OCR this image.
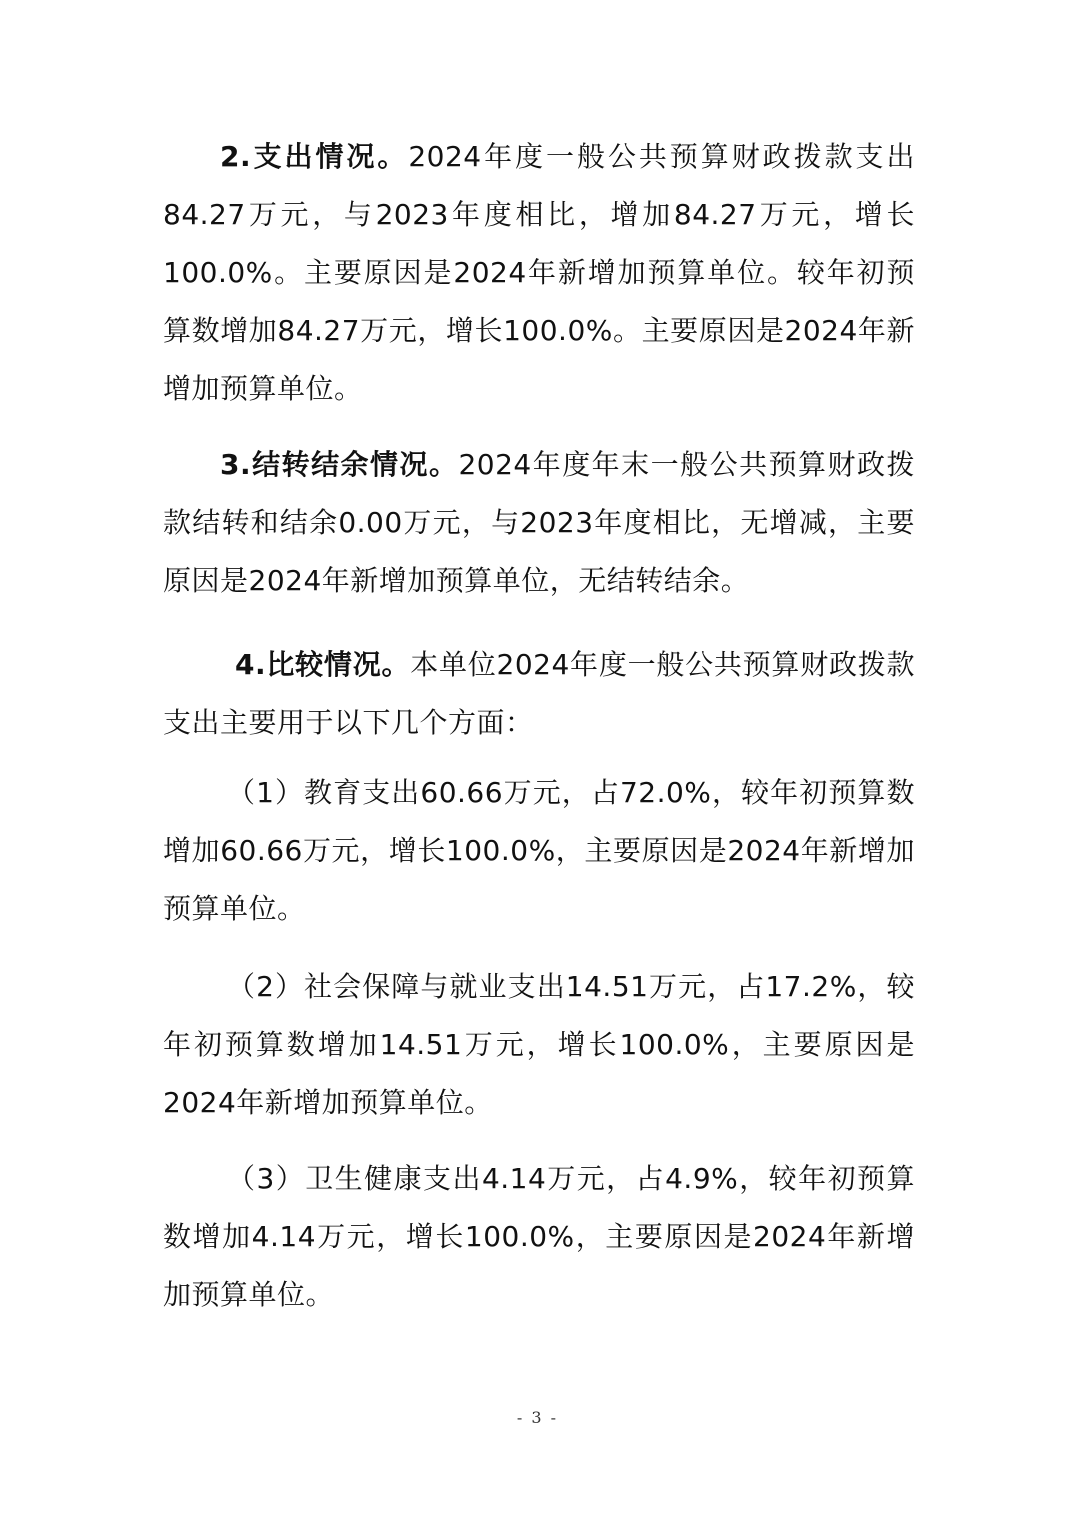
2.支出情况。2024年度一般公共预算财政拨款支出84.27万元，与2023年度相比，增加84.27万元，增长100.0%。主要原因是2024年新增加预算单位。较年初预算数增加84.27万元，增长100.0%。主要原因是2024年新增加预算单位。

3.结转结余情况。2024年度年末一般公共预算财政拨款结转和结余0.00万元，与2023年度相比，无增减，主要原因是2024年新增加预算单位，无结转结余。

4.比较情况。本单位2024年度一般公共预算财政拨款支出主要用于以下几个方面：

（1）教育支出60.66万元，占72.0%，较年初预算数增加60.66万元，增长100.0%，主要原因是2024年新增加预算单位。

（2）社会保障与就业支出14.51万元，占17.2%，较年初预算数增加14.51万元，增长100.0%，主要原因是2024年新增加预算单位。

（3）卫生健康支出4.14万元，占4.9%，较年初预算数增加4.14万元，增长100.0%，主要原因是2024年新增加预算单位。

- 3 -
